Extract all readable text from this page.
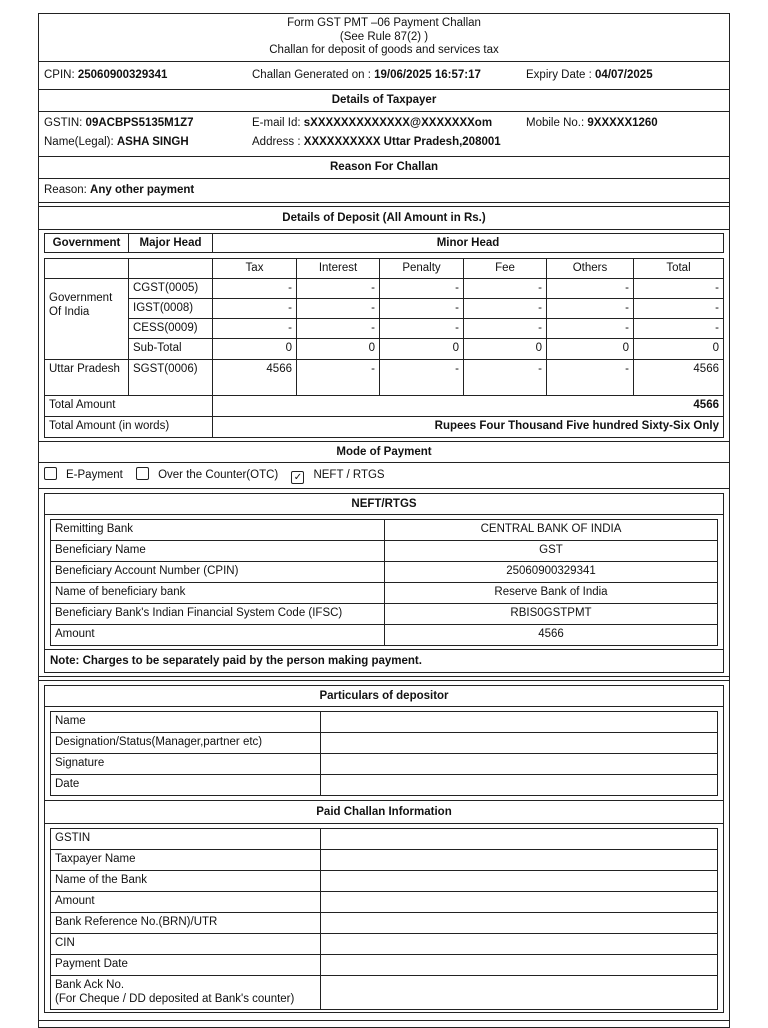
Form GST PMT –06 Payment Challan
(See Rule 87(2) )
Challan for deposit of goods and services tax
CPIN: 25060900329341	Challan Generated on : 19/06/2025 16:57:17	Expiry Date : 04/07/2025
Details of Taxpayer
GSTIN: 09ACBPS5135M1Z7	E-mail Id: sXXXXXXXXXXXXX@XXXXXXXom	Mobile No.: 9XXXXX1260
Name(Legal): ASHA SINGH	Address : XXXXXXXXXX Uttar Pradesh,208001
Reason For Challan
Reason: Any other payment
Details of Deposit (All Amount in Rs.)
Government	Major Head	Minor Head
		Tax	Interest	Penalty	Fee	Others	Total
Government Of India	CGST(0005)	-	-	-	-	-	-
	IGST(0008)	-	-	-	-	-	-
	CESS(0009)	-	-	-	-	-	-
	Sub-Total	0	0	0	0	0	0
Uttar Pradesh	SGST(0006)	4566	-	-	-	-	4566
Total Amount		4566					
Total Amount (in words)		Rupees Four Thousand Five hundred Sixty-Six Only					
Mode of Payment
E-Payment	Over the Counter(OTC) ✓ NEFT / RTGS
NEFT/RTGS
Remitting Bank	CENTRAL BANK OF INDIA
Beneficiary Name	GST
Beneficiary Account Number (CPIN)	25060900329341
Name of beneficiary bank	Reserve Bank of India
Beneficiary Bank's Indian Financial System Code (IFSC)	RBIS0GSTPMT
Amount	4566
Note: Charges to be separately paid by the person making payment.
Particulars of depositor
Name	
Designation/Status(Manager,partner etc)	
Signature	
Date	
Paid Challan Information
GSTIN	
Taxpayer Name	
Name of the Bank	
Amount	
Bank Reference No.(BRN)/UTR	
CIN	
Payment Date	

Bank Ack No.
(For Cheque / DD deposited at Bank's counter)	
